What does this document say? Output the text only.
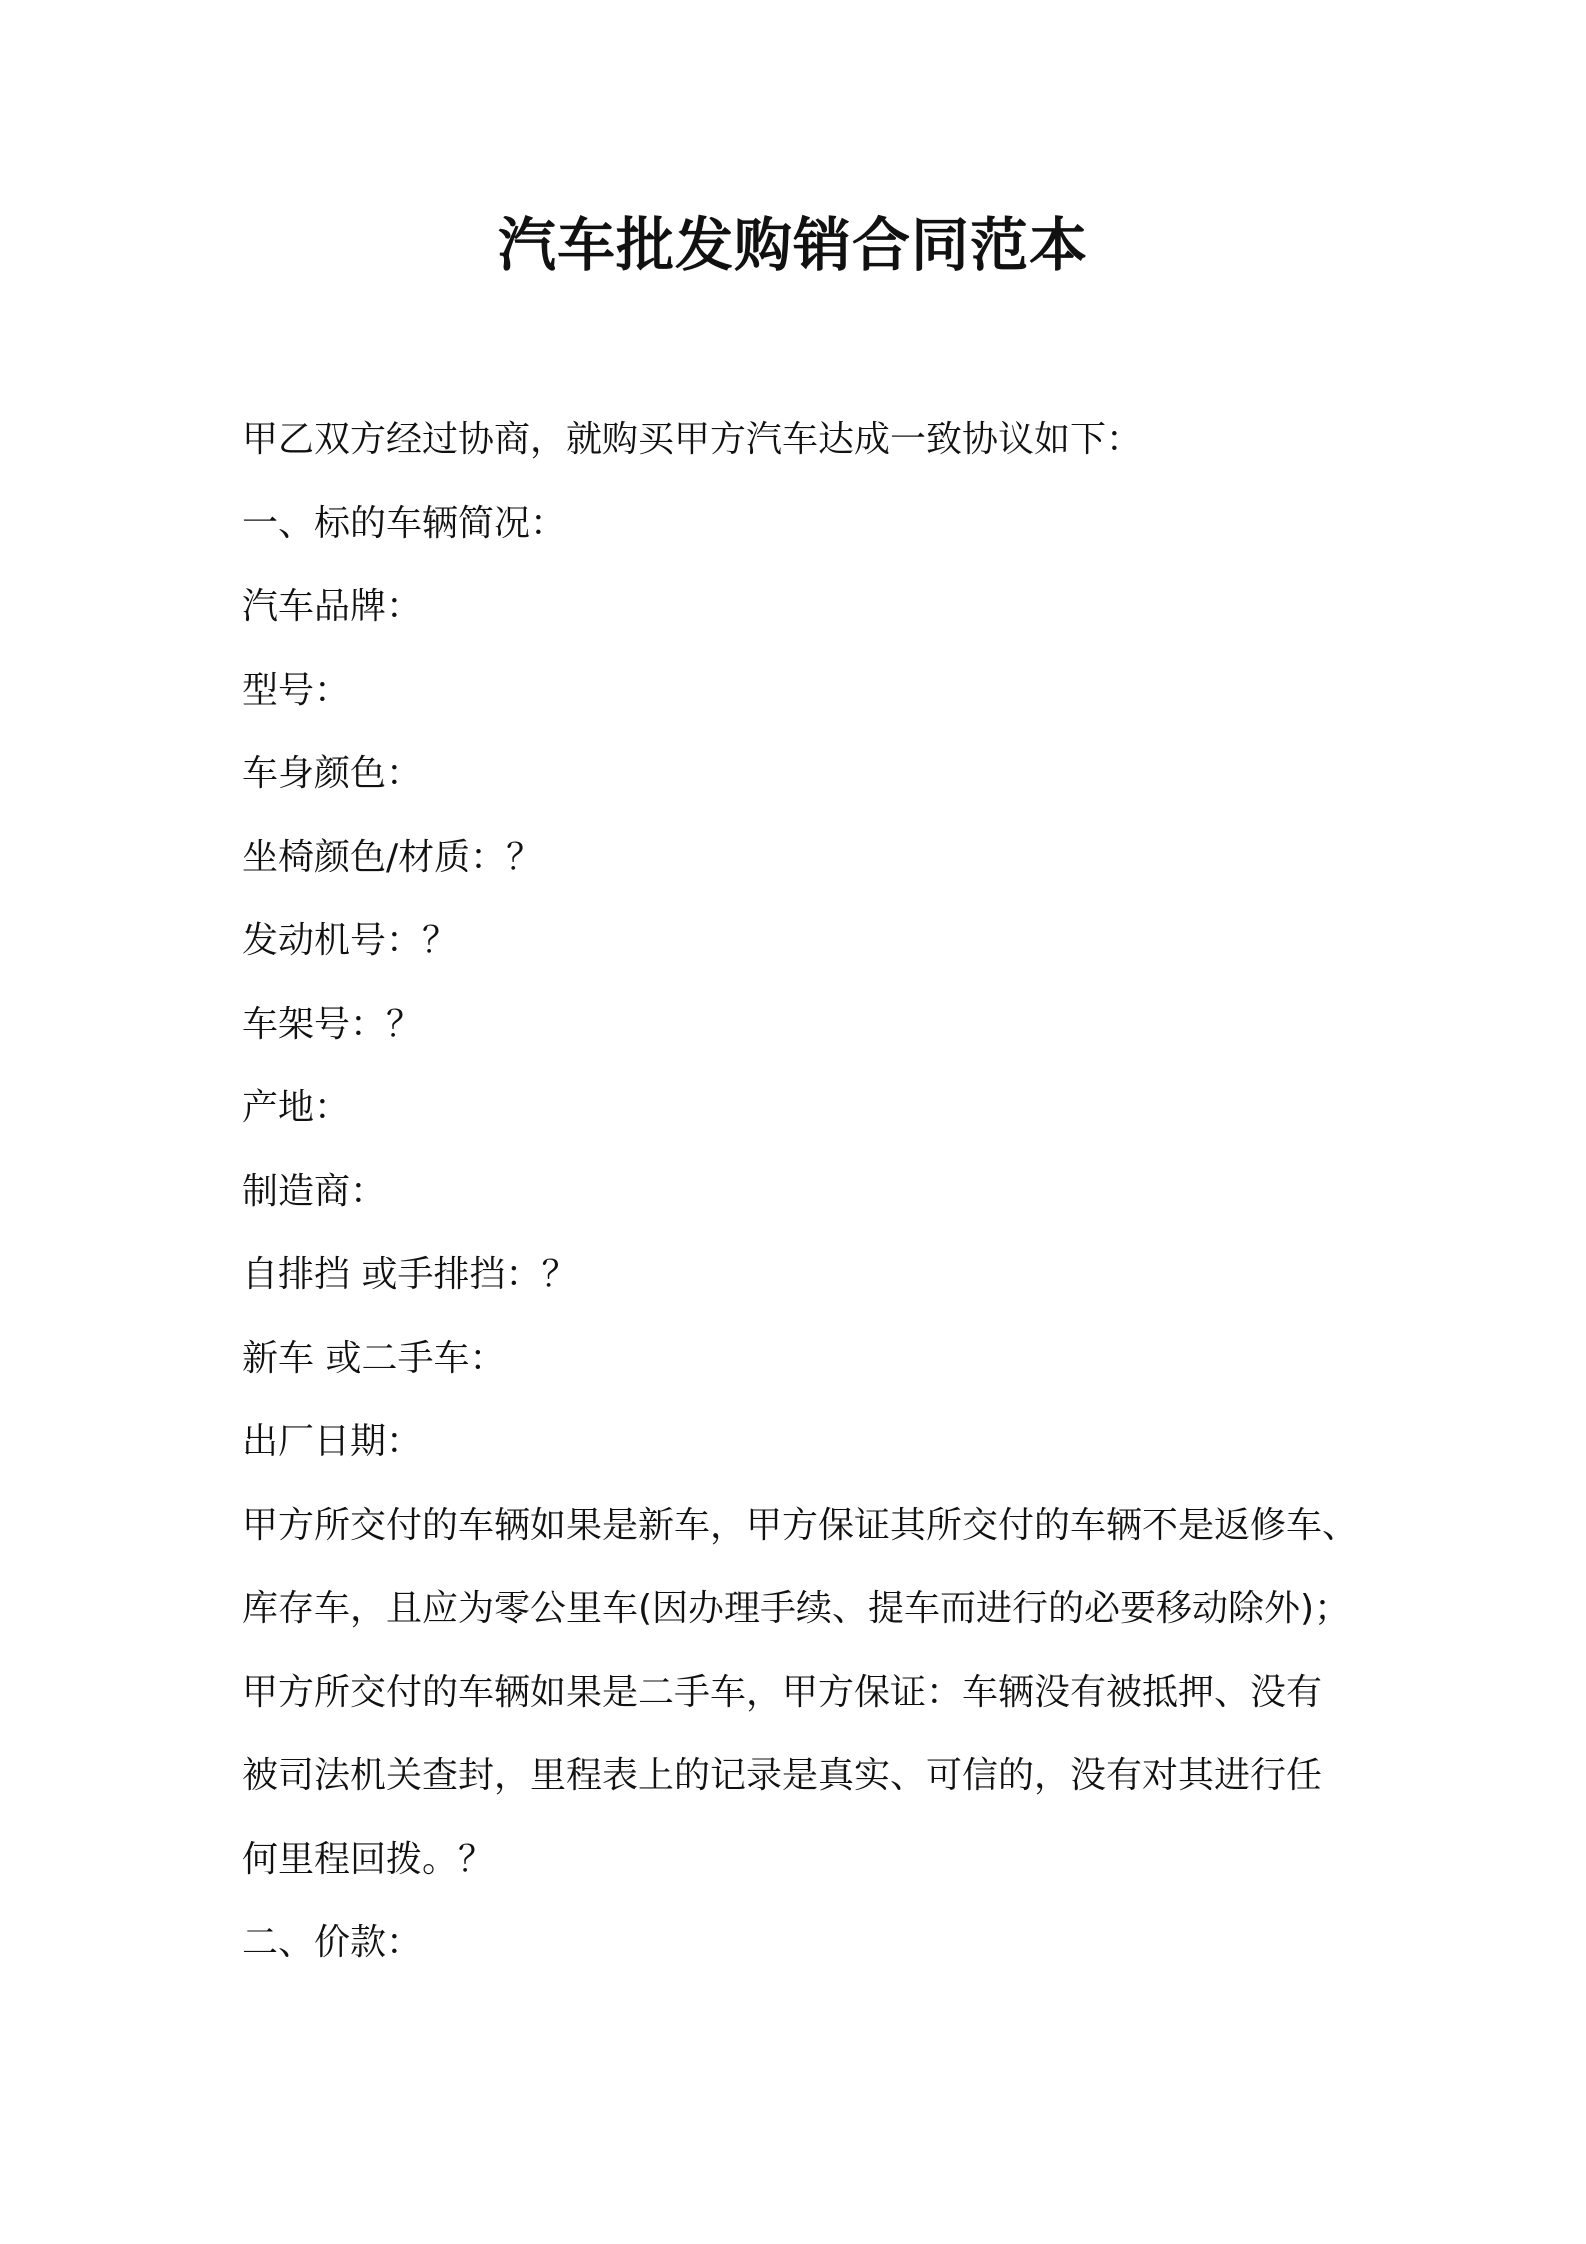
汽车批发购销合同范本

甲乙双方经过协商，就购买甲方汽车达成一致协议如下：

一、标的车辆简况：

汽车品牌：

型号：

车身颜色：

坐椅颜色/材质：？

发动机号：？

车架号：？

产地：

制造商：

自排挡 或手排挡：？

新车 或二手车：

出厂日期：

甲方所交付的车辆如果是新车，甲方保证其所交付的车辆不是返修车、

库存车，且应为零公里车(因办理手续、提车而进行的必要移动除外)；

甲方所交付的车辆如果是二手车，甲方保证：车辆没有被抵押、没有

被司法机关查封，里程表上的记录是真实、可信的，没有对其进行任

何里程回拨。？

二、价款：
